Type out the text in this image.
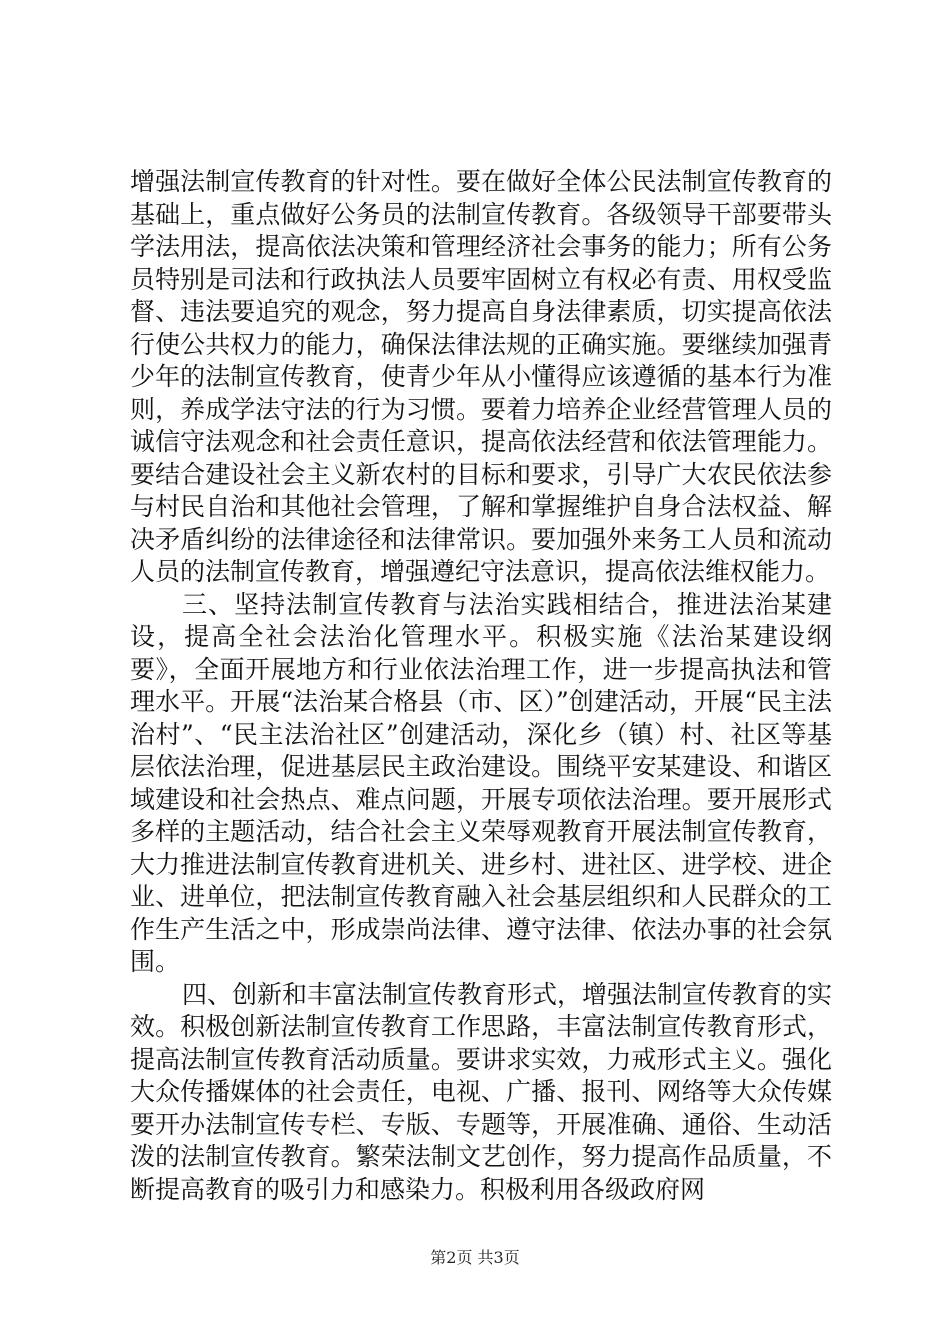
增强法制宣传教育的针对性。要在做好全体公民法制宣传教育的基础上，重点做好公务员的法制宣传教育。各级领导干部要带头学法用法，提高依法决策和管理经济社会事务的能力；所有公务员特别是司法和行政执法人员要牢固树立有权必有责、用权受监督、违法要追究的观念，努力提高自身法律素质，切实提高依法行使公共权力的能力，确保法律法规的正确实施。要继续加强青少年的法制宣传教育，使青少年从小懂得应该遵循的基本行为准则，养成学法守法的行为习惯。要着力培养企业经营管理人员的诚信守法观念和社会责任意识，提高依法经营和依法管理能力。要结合建设社会主义新农村的目标和要求，引导广大农民依法参与村民自治和其他社会管理，了解和掌握维护自身合法权益、解决矛盾纠纷的法律途径和法律常识。要加强外来务工人员和流动人员的法制宣传教育，增强遵纪守法意识，提高依法维权能力。

三、坚持法制宣传教育与法治实践相结合，推进法治某建设，提高全社会法治化管理水平。积极实施《法治某建设纲要》，全面开展地方和行业依法治理工作，进一步提高执法和管理水平。开展“法治某合格县（市、区）”创建活动，开展“民主法治村”、“民主法治社区”创建活动，深化乡（镇）村、社区等基层依法治理，促进基层民主政治建设。围绕平安某建设、和谐区域建设和社会热点、难点问题，开展专项依法治理。要开展形式多样的主题活动，结合社会主义荣辱观教育开展法制宣传教育，大力推进法制宣传教育进机关、进乡村、进社区、进学校、进企业、进单位，把法制宣传教育融入社会基层组织和人民群众的工作生产生活之中，形成崇尚法律、遵守法律、依法办事的社会氛围。

四、创新和丰富法制宣传教育形式，增强法制宣传教育的实效。积极创新法制宣传教育工作思路，丰富法制宣传教育形式，提高法制宣传教育活动质量。要讲求实效，力戒形式主义。强化大众传播媒体的社会责任，电视、广播、报刊、网络等大众传媒要开办法制宣传专栏、专版、专题等，开展准确、通俗、生动活泼的法制宣传教育。繁荣法制文艺创作，努力提高作品质量，不断提高教育的吸引力和感染力。积极利用各级政府网

第2页 共3页
